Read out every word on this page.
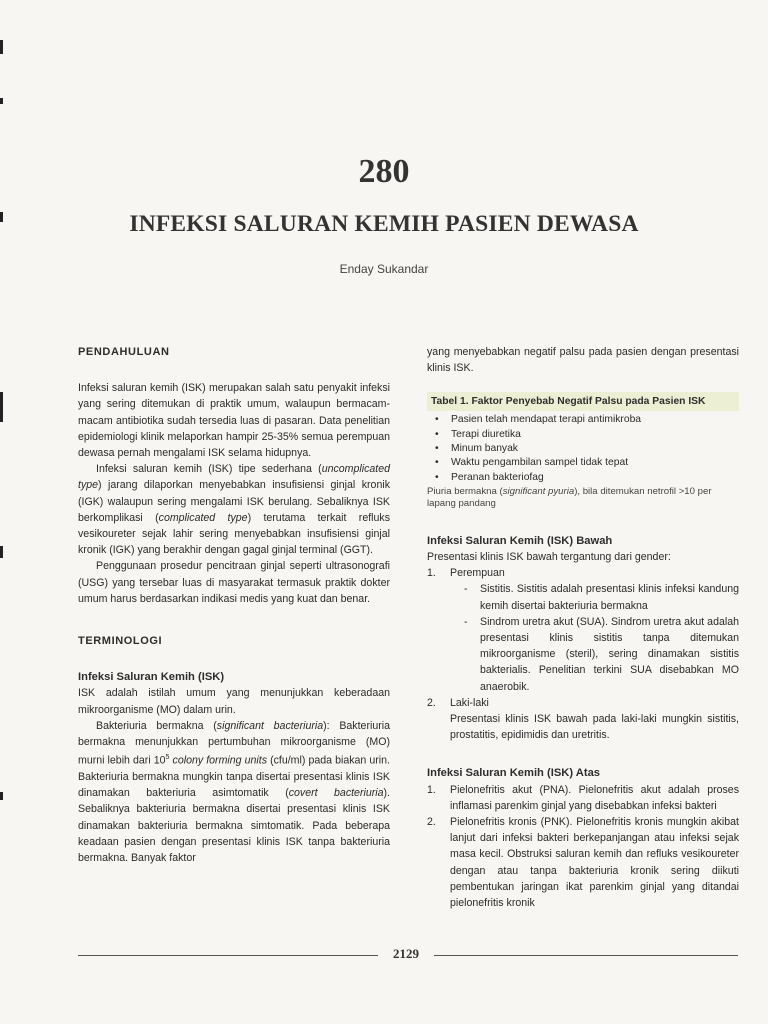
280
INFEKSI SALURAN KEMIH PASIEN DEWASA
Enday Sukandar
PENDAHULUAN

Infeksi saluran kemih (ISK) merupakan salah satu penyakit infeksi yang sering ditemukan di praktik umum, walaupun bermacam-macam antibiotika sudah tersedia luas di pasaran. Data penelitian epidemiologi klinik melaporkan hampir 25-35% semua perempuan dewasa pernah mengalami ISK selama hidupnya.

Infeksi saluran kemih (ISK) tipe sederhana (uncomplicated type) jarang dilaporkan menyebabkan insufisiensi ginjal kronik (IGK) walaupun sering mengalami ISK berulang. Sebaliknya ISK berkomplikasi (complicated type) terutama terkait refluks vesikoureter sejak lahir sering menyebabkan insufisiensi ginjal kronik (IGK) yang berakhir dengan gagal ginjal terminal (GGT).

Penggunaan prosedur pencitraan ginjal seperti ultrasonografi (USG) yang tersebar luas di masyarakat termasuk praktik dokter umum harus berdasarkan indikasi medis yang kuat dan benar.

TERMINOLOGI
Infeksi Saluran Kemih (ISK)

ISK adalah istilah umum yang menunjukkan keberadaan mikroorganisme (MO) dalam urin.

Bakteriuria bermakna (significant bacteriuria): Bakteriuria bermakna menunjukkan pertumbuhan mikroorganisme (MO) murni lebih dari $10^5$ colony forming units (cfu/ml) pada biakan urin. Bakteriuria bermakna mungkin tanpa disertai presentasi klinis ISK dinamakan bakteriuria asimtomatik (covert bacteriuria). Sebaliknya bakteriuria bermakna disertai presentasi klinis ISK dinamakan bakteriuria bermakna simtomatik. Pada beberapa keadaan pasien dengan presentasi klinis ISK tanpa bakteriuria bermakna. Banyak faktor

yang menyebabkan negatif palsu pada pasien dengan presentasi klinis ISK.

Tabel 1. Faktor Penyebab Negatif Palsu pada Pasien ISK
• Pasien telah mendapat terapi antimikroba
• Terapi diuretika
• Minum banyak
• Waktu pengambilan sampel tidak tepat
• Peranan bakteriofag
Piuria bermakna (significant pyuria), bila ditemukan netrofil >10 per lapang pandang
Infeksi Saluran Kemih (ISK) Bawah

Presentasi klinis ISK bawah tergantung dari gender:

1. Perempuan
- Sistitis. Sistitis adalah presentasi klinis infeksi kandung kemih disertai bakteriuria bermakna
- Sindrom uretra akut (SUA). Sindrom uretra akut adalah presentasi klinis sistitis tanpa ditemukan mikroorganisme (steril), sering dinamakan sistitis bakterialis. Penelitian terkini SUA disebabkan MO anaerobik.
2. Laki-laki

Presentasi klinis ISK bawah pada laki-laki mungkin sistitis, prostatitis, epidimidis dan uretritis.

Infeksi Saluran Kemih (ISK) Atas
1. Pielonefritis akut (PNA). Pielonefritis akut adalah proses inflamasi parenkim ginjal yang disebabkan infeksi bakteri

2. Pielonefritis kronis (PNK). Pielonefritis kronis mungkin akibat lanjut dari infeksi bakteri berkepanjangan atau infeksi sejak masa kecil. Obstruksi saluran kemih dan refluks vesikoureter dengan atau tanpa bakteriuria kronik sering diikuti pembentukan jaringan ikat parenkim ginjal yang ditandai pielonefritis kronik

2129
